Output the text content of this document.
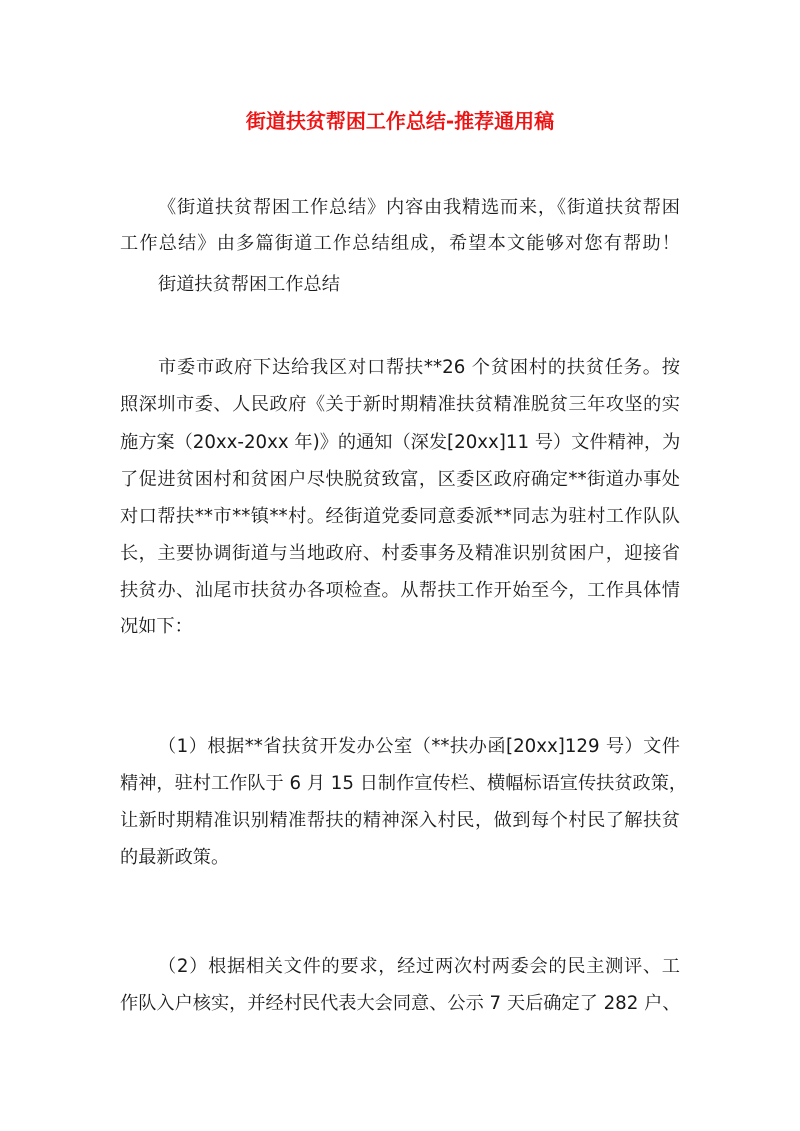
街道扶贫帮困工作总结-推荐通用稿
《街道扶贫帮困工作总结》内容由我精选而来，《街道扶贫帮困
工作总结》由多篇街道工作总结组成，希望本文能够对您有帮助！
街道扶贫帮困工作总结
市委市政府下达给我区对口帮扶**26 个贫困村的扶贫任务。按
照深圳市委、人民政府《关于新时期精准扶贫精准脱贫三年攻坚的实
施方案（20xx-20xx 年)》的通知（深发[20xx]11 号）文件精神，为
了促进贫困村和贫困户尽快脱贫致富，区委区政府确定**街道办事处
对口帮扶**市**镇**村。经街道党委同意委派**同志为驻村工作队队
长，主要协调街道与当地政府、村委事务及精准识别贫困户，迎接省
扶贫办、汕尾市扶贫办各项检查。从帮扶工作开始至今，工作具体情
况如下：
（1）根据**省扶贫开发办公室（**扶办函[20xx]129 号）文件
精神，驻村工作队于 6 月 15 日制作宣传栏、横幅标语宣传扶贫政策，
让新时期精准识别精准帮扶的精神深入村民，做到每个村民了解扶贫
的最新政策。
（2）根据相关文件的要求，经过两次村两委会的民主测评、工
作队入户核实，并经村民代表大会同意、公示 7 天后确定了 282 户、
